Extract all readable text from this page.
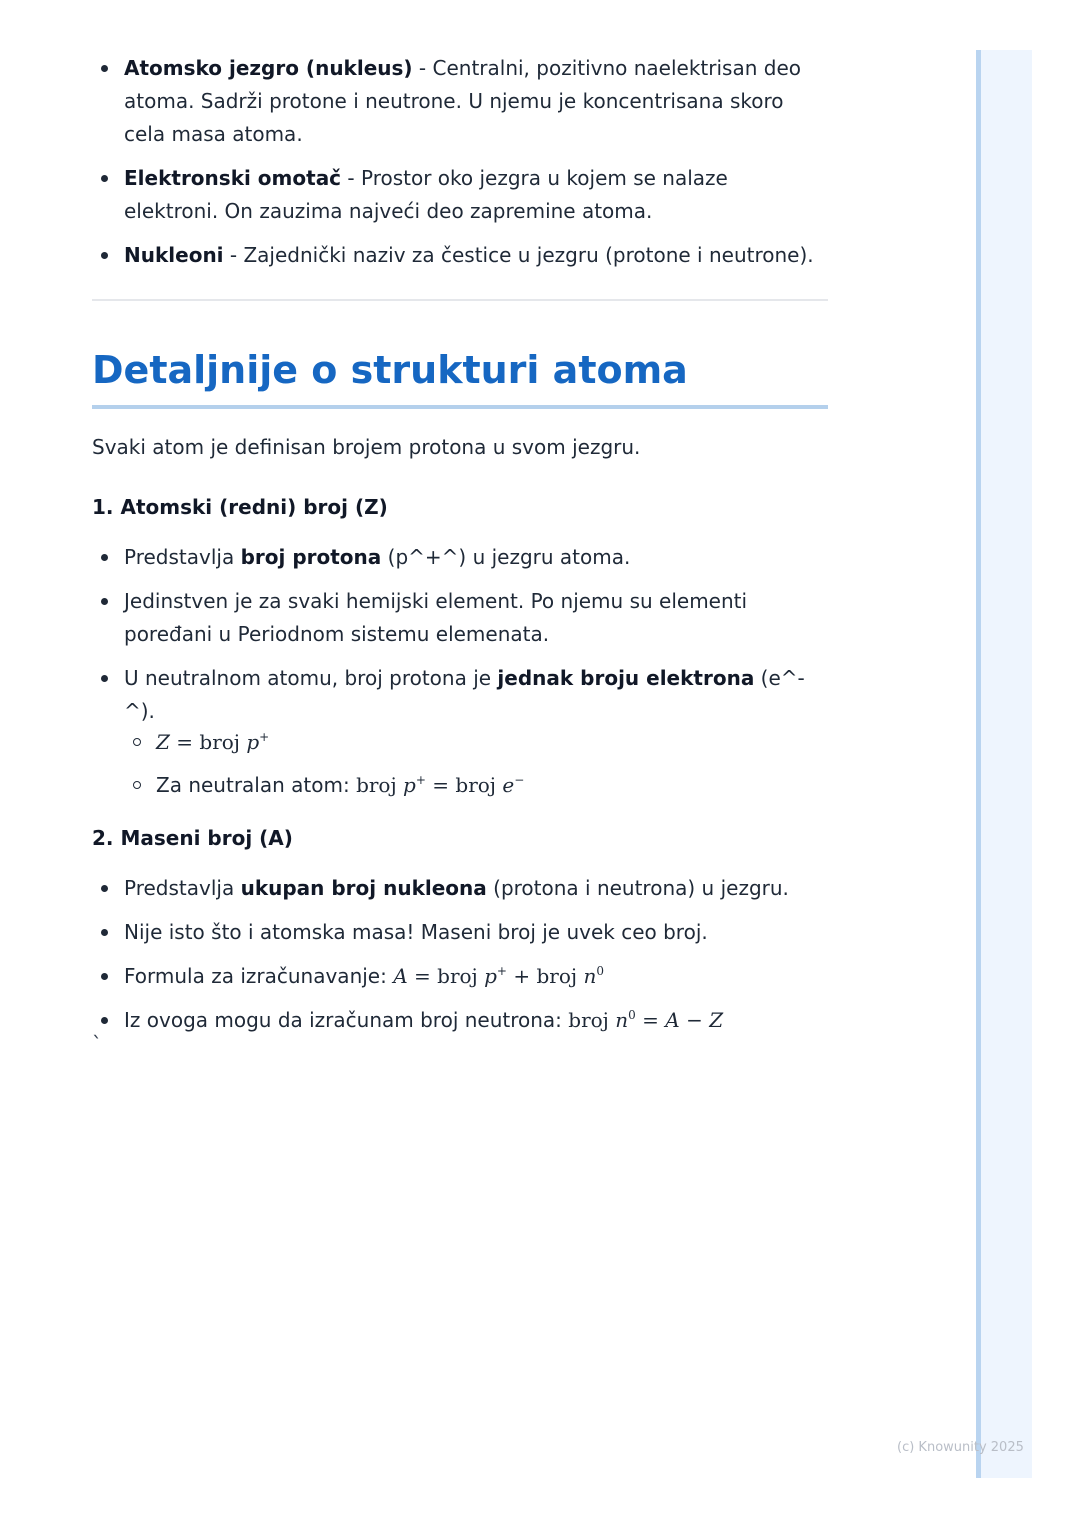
Atomsko jezgro (nukleus) - Centralni, pozitivno naelektrisan deo atoma. Sadrži protone i neutrone. U njemu je koncentrisana skoro cela masa atoma.
Elektronski omotač - Prostor oko jezgra u kojem se nalaze elektroni. On zauzima najveći deo zapremine atoma.
Nukleoni - Zajednički naziv za čestice u jezgru (protone i neutrone).
Detaljnije o strukturi atoma

Svaki atom je definisan brojem protona u svom jezgru.

1. Atomski (redni) broj (Z)
Predstavlja broj protona (p^+^) u jezgru atoma.
Jedinstven je za svaki hemijski element. Po njemu su elementi poređani u Periodnom sistemu elemenata.
U neutralnom atomu, broj protona je jednak broju elektrona (e^-^).
Z = broj p+
Za neutralan atom: broj p+ = broj e−
2. Maseni broj (A)
Predstavlja ukupan broj nukleona (protona i neutrona) u jezgru.
Nije isto što i atomska masa! Maseni broj je uvek ceo broj.
Formula za izračunavanje: A = broj p+ + broj $n^0$
Iz ovoga mogu da izračunam broj neutrona: broj $n^0 = A - Z$
`
(c) Knowunity 2025
